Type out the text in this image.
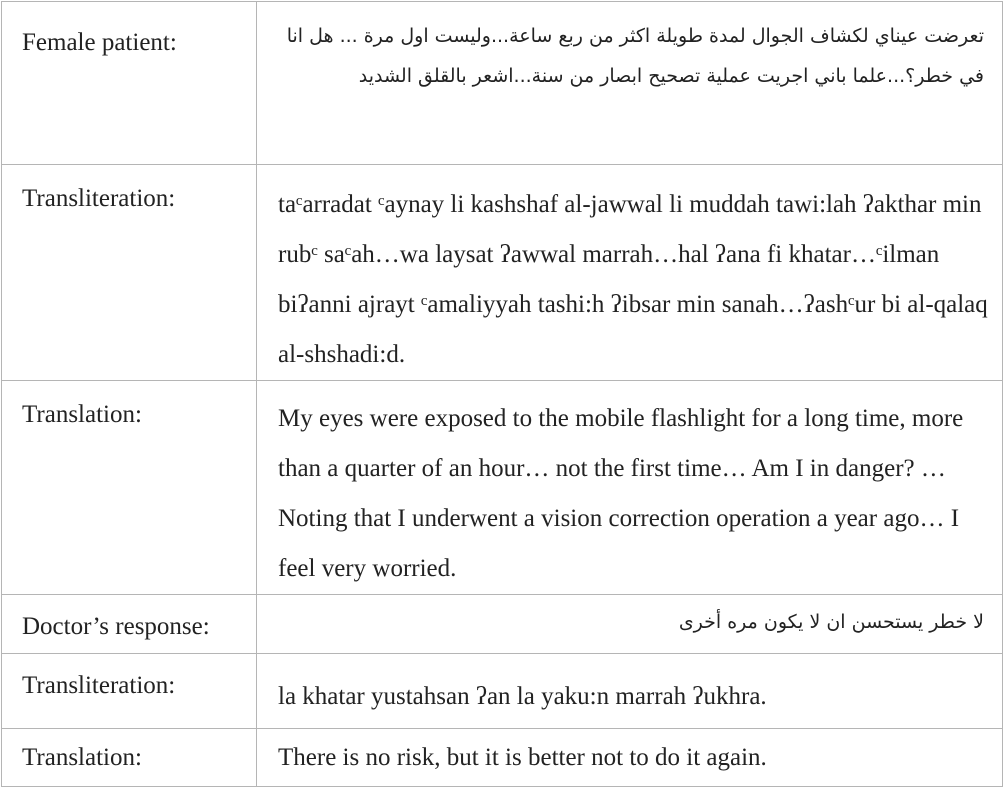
Female patient:	تعرضت عيناي لكشاف الجوال لمدة طويلة اكثر من ربع ساعة...وليست اول مرة ... هل انا في خطر؟...علما باني اجريت عملية تصحيح ابصار من سنة...اشعر بالقلق الشديد

Transliteration:	taᶜarradat ᶜaynay li kashshaf al-jawwal li muddah tawi:lah ʔakthar min rubᶜ saᶜah…wa laysat ʔawwal marrah…hal ʔana fi khatar…ᶜilman biʔanni ajrayt ᶜamaliyyah tashi:h ʔibsar min sanah…ʔashᶜur bi al-qalaq al-shshadi:d.

Translation:	My eyes were exposed to the mobile flashlight for a long time, more than a quarter of an hour… not the first time… Am I in danger? … Noting that I underwent a vision correction operation a year ago… I feel very worried.

Doctor’s response:	لا خطر يستحسن ان لا يكون مره أخرى

Transliteration:	la khatar yustahsan ʔan la yaku:n marrah ʔukhra.

Translation:	There is no risk, but it is better not to do it again.
